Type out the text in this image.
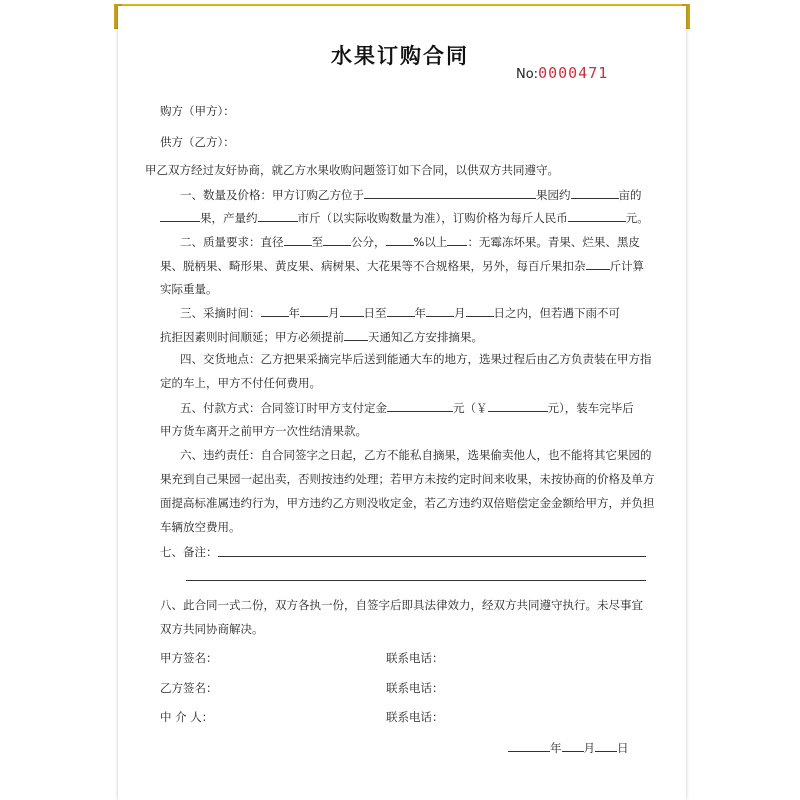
水果订购合同
No:0000471
购方（甲方）：
供方（乙方）：
甲乙双方经过友好协商，就乙方水果收购问题签订如下合同，以供双方共同遵守。
一、数量及价格：甲方订购乙方位于	果园约	亩的
果，产量约	市斤（以实际收购数量为准），订购价格为每斤人民币	元。
二、质量要求：直径 至 公分， %以上 ：无霉冻坏果。青果、烂果、黑皮
果、脱柄果、畸形果、黄皮果、病树果、大花果等不合规格果，另外，每百斤果扣杂 斤计算
实际重量。
三、采摘时间： 年 月 日至 年 月 日之内，但若遇下雨不可
抗拒因素则时间顺延；甲方必须提前 天通知乙方安排摘果。
四、交货地点：乙方把果采摘完毕后送到能通大车的地方，选果过程后由乙方负责装在甲方指
定的车上，甲方不付任何费用。
五、付款方式：合同签订时甲方支付定金	元（￥	元），装车完毕后
甲方货车离开之前甲方一次性结清果款。
六、违约责任：自合同签字之日起，乙方不能私自摘果，选果偷卖他人，也不能将其它果园的
果充到自己果园一起出卖，否则按违约处理；若甲方未按约定时间来收果，未按协商的价格及单方
面提高标准属违约行为，甲方违约乙方则没收定金，若乙方违约双倍赔偿定金金额给甲方，并负担
车辆放空费用。
七、备注：
八、此合同一式二份，双方各执一份，自签字后即具法律效力，经双方共同遵守执行。未尽事宜
双方共同协商解决。
甲方签名：	联系电话：
乙方签名：	联系电话：
中 介 人：	联系电话：
年 月 日
